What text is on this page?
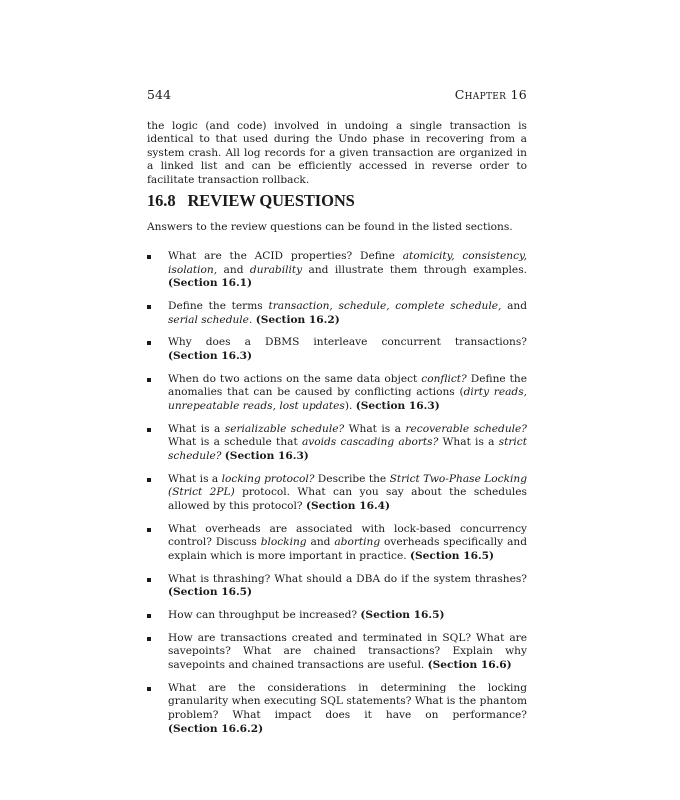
544	Chapter 16

the logic (and code) involved in undoing a single transaction is identical to that used during the Undo phase in recovering from a system crash. All log records for a given transaction are organized in a linked list and can be efficiently accessed in reverse order to facilitate transaction rollback.

16.8 REVIEW QUESTIONS

Answers to the review questions can be found in the listed sections.

What are the ACID properties? Define atomicity, consistency, isolation, and durability and illustrate them through examples. (Section 16.1)
Define the terms transaction, schedule, complete schedule, and serial schedule. (Section 16.2)
Why does a DBMS interleave concurrent transactions? (Section 16.3)
When do two actions on the same data object conflict? Define the anomalies that can be caused by conflicting actions (dirty reads, unrepeatable reads, lost updates). (Section 16.3)
What is a serializable schedule? What is a recoverable schedule? What is a schedule that avoids cascading aborts? What is a strict schedule? (Section 16.3)
What is a locking protocol? Describe the Strict Two-Phase Locking (Strict 2PL) protocol. What can you say about the schedules allowed by this protocol? (Section 16.4)
What overheads are associated with lock-based concurrency control? Discuss blocking and aborting overheads specifically and explain which is more important in practice. (Section 16.5)
What is thrashing? What should a DBA do if the system thrashes? (Section 16.5)
How can throughput be increased? (Section 16.5)
How are transactions created and terminated in SQL? What are savepoints? What are chained transactions? Explain why savepoints and chained transactions are useful. (Section 16.6)
What are the considerations in determining the locking granularity when executing SQL statements? What is the phantom problem? What impact does it have on performance? (Section 16.6.2)
